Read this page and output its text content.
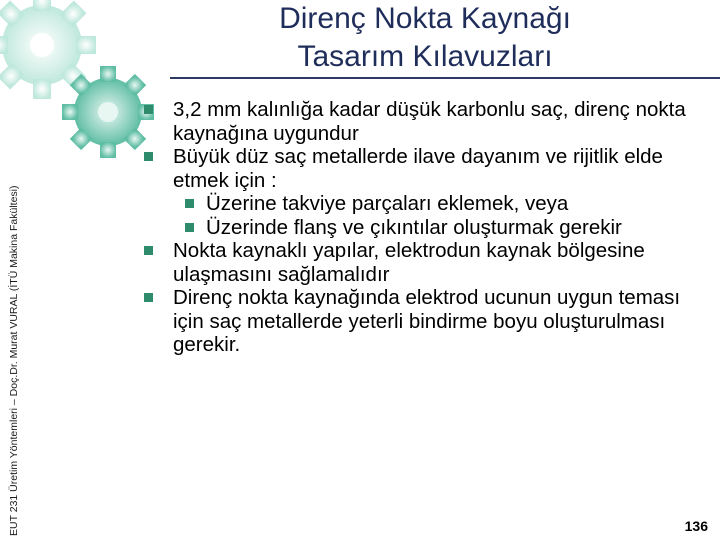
EUT 231 Üretim Yöntemleri – Doç.Dr. Murat VURAL (İTÜ Makina Fakültesi)
Direnç Nokta Kaynağı
Tasarım Kılavuzları
3,2 mm kalınlığa kadar düşük karbonlu saç, direnç nokta kaynağına uygundur
Büyük düz saç metallerde ilave dayanım ve rijitlik elde etmek için :
Üzerine takviye parçaları eklemek, veya
Üzerinde flanş ve çıkıntılar oluşturmak gerekir
Nokta kaynaklı yapılar, elektrodun kaynak bölgesine ulaşmasını sağlamalıdır
Direnç nokta kaynağında elektrod ucunun uygun teması için saç metallerde yeterli bindirme boyu oluşturulması gerekir.
136
